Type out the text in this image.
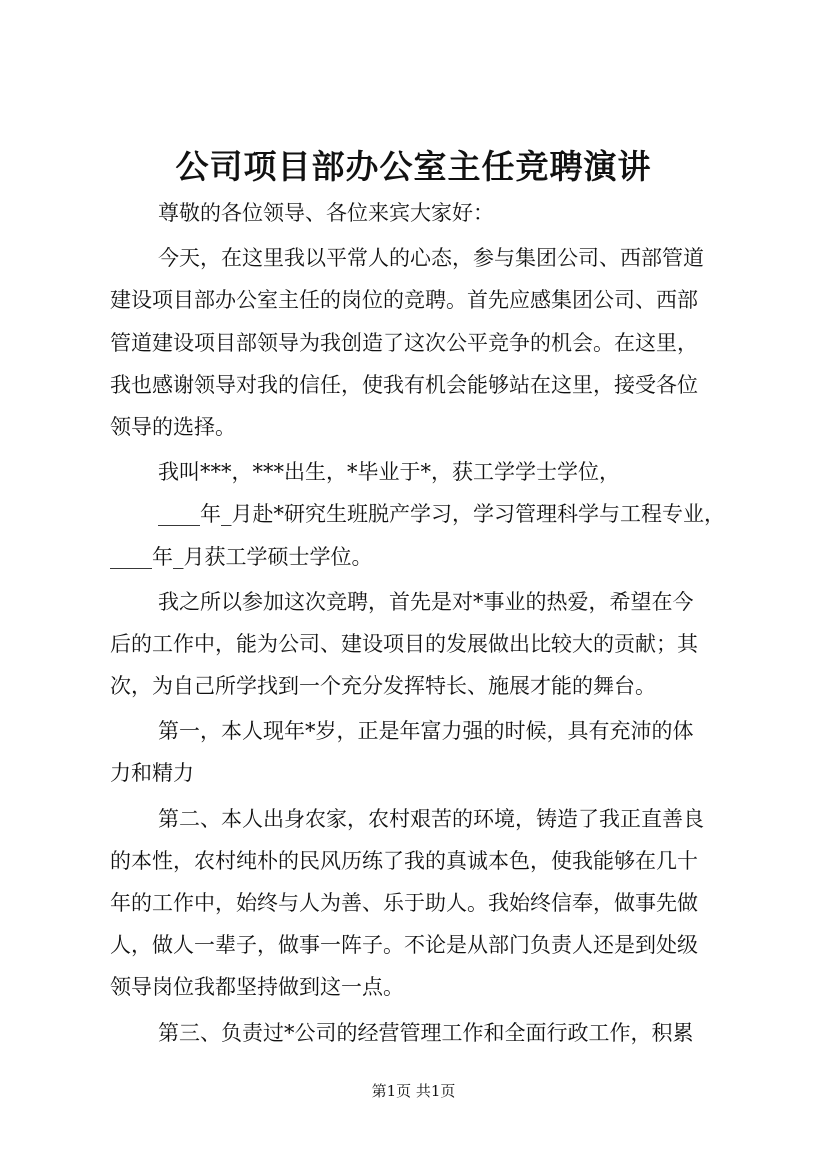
公司项目部办公室主任竞聘演讲
尊敬的各位领导、各位来宾大家好：
今天，在这里我以平常人的心态，参与集团公司、西部管道
建设项目部办公室主任的岗位的竞聘。首先应感集团公司、西部
管道建设项目部领导为我创造了这次公平竞争的机会。在这里，
我也感谢领导对我的信任，使我有机会能够站在这里，接受各位
领导的选择。
我叫***，***出生，*毕业于*，获工学学士学位，
____年_月赴*研究生班脱产学习，学习管理科学与工程专业，
____年_月获工学硕士学位。
我之所以参加这次竞聘，首先是对*事业的热爱，希望在今
后的工作中，能为公司、建设项目的发展做出比较大的贡献；其
次，为自己所学找到一个充分发挥特长、施展才能的舞台。
第一，本人现年*岁，正是年富力强的时候，具有充沛的体
力和精力
第二、本人出身农家，农村艰苦的环境，铸造了我正直善良
的本性，农村纯朴的民风历练了我的真诚本色，使我能够在几十
年的工作中，始终与人为善、乐于助人。我始终信奉，做事先做
人，做人一辈子，做事一阵子。不论是从部门负责人还是到处级
领导岗位我都坚持做到这一点。
第三、负责过*公司的经营管理工作和全面行政工作，积累
第1页 共1页
